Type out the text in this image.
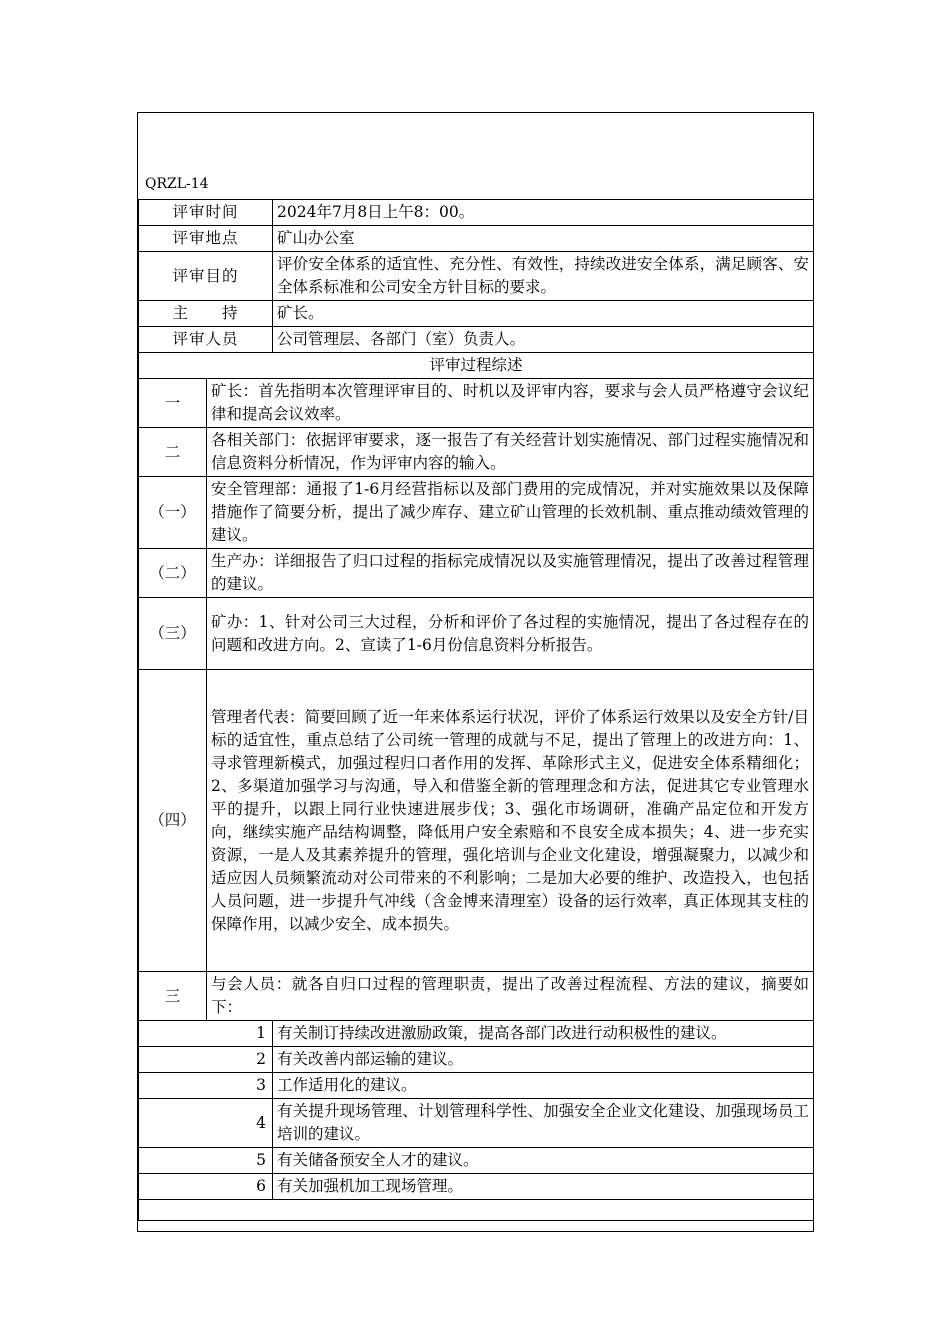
QRZL-14
评审时间		2024年7月8日上午8：00。
评审地点		矿山办公室
评审目的		评价安全体系的适宜性、充分性、有效性，持续改进安全体系，满足顾客、安全体系标准和公司安全方针目标的要求。
主　　持		矿长。
评审人员		公司管理层、各部门（室）负责人。
评审过程综述		
一	矿长：首先指明本次管理评审目的、时机以及评审内容，要求与会人员严格遵守会议纪律和提高会议效率。	
二	各相关部门：依据评审要求，逐一报告了有关经营计划实施情况、部门过程实施情况和信息资料分析情况，作为评审内容的输入。	
（一）	安全管理部：通报了1-6月经营指标以及部门费用的完成情况，并对实施效果以及保障措施作了简要分析，提出了减少库存、建立矿山管理的长效机制、重点推动绩效管理的建议。	
（二）	生产办：详细报告了归口过程的指标完成情况以及实施管理情况，提出了改善过程管理的建议。	
（三）	矿办：1、针对公司三大过程，分析和评价了各过程的实施情况，提出了各过程存在的问题和改进方向。2、宣读了1-6月份信息资料分析报告。	
（四）	管理者代表：简要回顾了近一年来体系运行状况，评价了体系运行效果以及安全方针/目标的适宜性，重点总结了公司统一管理的成就与不足，提出了管理上的改进方向：1、寻求管理新模式，加强过程归口者作用的发挥、革除形式主义，促进安全体系精细化；2、多渠道加强学习与沟通，导入和借鉴全新的管理理念和方法，促进其它专业管理水平的提升，以跟上同行业快速进展步伐；3、强化市场调研，准确产品定位和开发方向，继续实施产品结构调整，降低用户安全索赔和不良安全成本损失；4、进一步充实资源，一是人及其素养提升的管理，强化培训与企业文化建设，增强凝聚力，以减少和适应因人员频繁流动对公司带来的不利影响；二是加大必要的维护、改造投入，也包括人员问题，进一步提升气冲线（含金博来清理室）设备的运行效率，真正体现其支柱的保障作用，以减少安全、成本损失。	
三	与会人员：就各自归口过程的管理职责，提出了改善过程流程、方法的建议，摘要如下：	
1		有关制订持续改进激励政策，提高各部门改进行动积极性的建议。
2		有关改善内部运输的建议。
3		工作适用化的建议。
4		有关提升现场管理、计划管理科学性、加强安全企业文化建设、加强现场员工培训的建议。
5		有关储备预安全人才的建议。
6		有关加强机加工现场管理。
